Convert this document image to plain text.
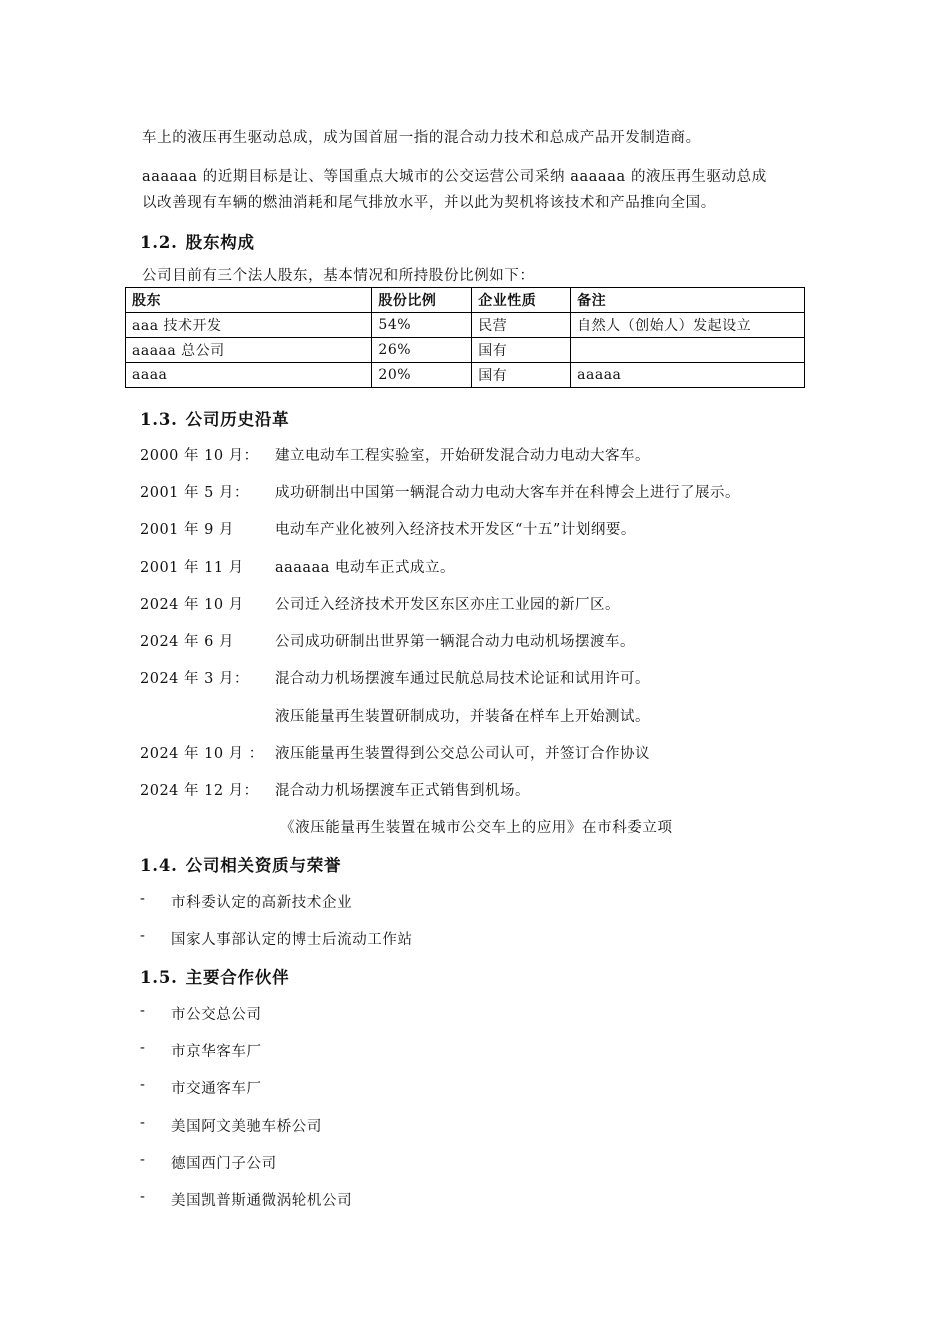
车上的液压再生驱动总成，成为国首屈一指的混合动力技术和总成产品开发制造商。
aaaaaa 的近期目标是让、等国重点大城市的公交运营公司采纳 aaaaaa 的液压再生驱动总成
以改善现有车辆的燃油消耗和尾气排放水平，并以此为契机将该技术和产品推向全国。
1.2. 股东构成
公司目前有三个法人股东，基本情况和所持股份比例如下：
股东	股份比例	企业性质	备注
aaa 技术开发	54%	民营	自然人（创始人）发起设立
aaaaa 总公司	26%	国有	
aaaa	20%	国有	aaaaa
1.3. 公司历史沿革
2000 年 10 月：	建立电动车工程实验室，开始研发混合动力电动大客车。
2001 年 5 月：	成功研制出中国第一辆混合动力电动大客车并在科博会上进行了展示。
2001 年 9 月	电动车产业化被列入经济技术开发区“十五”计划纲要。
2001 年 11 月	aaaaaa 电动车正式成立。
2024 年 10 月	公司迁入经济技术开发区东区亦庄工业园的新厂区。
2024 年 6 月	公司成功研制出世界第一辆混合动力电动机场摆渡车。
2024 年 3 月：	混合动力机场摆渡车通过民航总局技术论证和试用许可。
液压能量再生装置研制成功，并装备在样车上开始测试。
2024 年 10 月 ： 液压能量再生装置得到公交总公司认可，并签订合作协议
2024 年 12 月：	混合动力机场摆渡车正式销售到机场。
《液压能量再生装置在城市公交车上的应用》在市科委立项
1.4. 公司相关资质与荣誉
- 市科委认定的高新技术企业
- 国家人事部认定的博士后流动工作站
1.5. 主要合作伙伴
- 市公交总公司
- 市京华客车厂
- 市交通客车厂
- 美国阿文美驰车桥公司
- 德国西门子公司
- 美国凯普斯通微涡轮机公司
